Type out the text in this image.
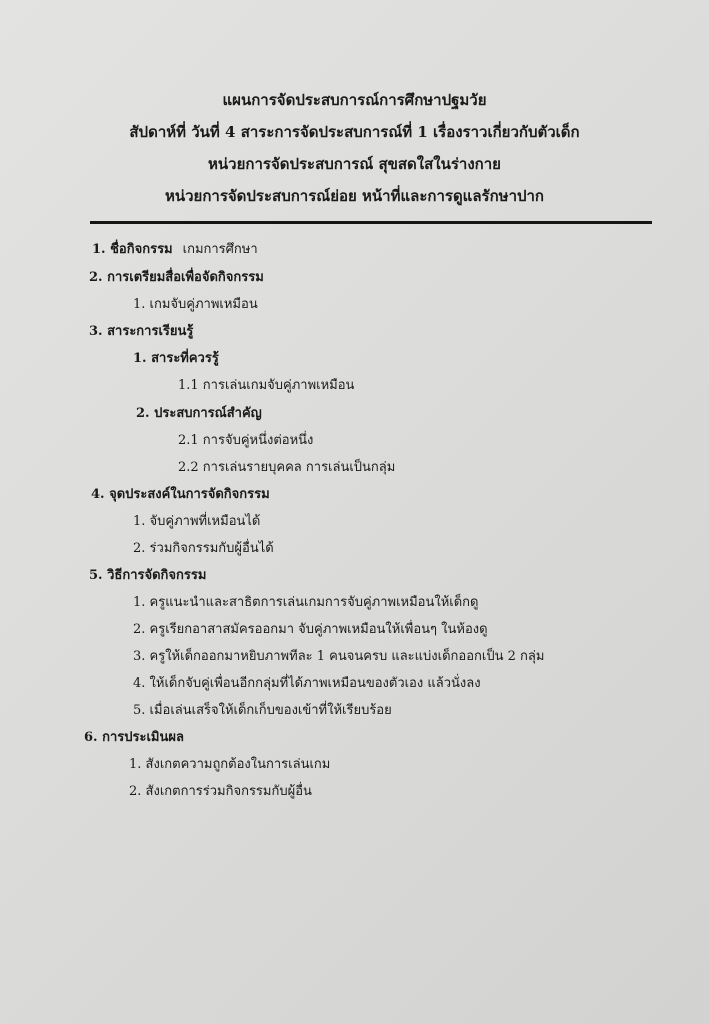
แผนการจัดประสบการณ์การศึกษาปฐมวัย
สัปดาห์ที่ วันที่ 4 สาระการจัดประสบการณ์ที่ 1 เรื่องราวเกี่ยวกับตัวเด็ก
หน่วยการจัดประสบการณ์ สุขสดใสในร่างกาย
หน่วยการจัดประสบการณ์ย่อย หน้าที่และการดูแลรักษาปาก
1. ชื่อกิจกรรม เกมการศึกษา
2. การเตรียมสื่อเพื่อจัดกิจกรรม
1. เกมจับคู่ภาพเหมือน
3. สาระการเรียนรู้
1. สาระที่ควรรู้
1.1 การเล่นเกมจับคู่ภาพเหมือน
2. ประสบการณ์สำคัญ
2.1 การจับคู่หนึ่งต่อหนึ่ง
2.2 การเล่นรายบุคคล การเล่นเป็นกลุ่ม
4. จุดประสงค์ในการจัดกิจกรรม
1. จับคู่ภาพที่เหมือนได้
2. ร่วมกิจกรรมกับผู้อื่นได้
5. วิธีการจัดกิจกรรม
1. ครูแนะนำและสาธิตการเล่นเกมการจับคู่ภาพเหมือนให้เด็กดู
2. ครูเรียกอาสาสมัครออกมา จับคู่ภาพเหมือนให้เพื่อนๆ ในห้องดู
3. ครูให้เด็กออกมาหยิบภาพทีละ 1 คนจนครบ และแบ่งเด็กออกเป็น 2 กลุ่ม
4. ให้เด็กจับคู่เพื่อนอีกกลุ่มที่ได้ภาพเหมือนของตัวเอง แล้วนั่งลง
5. เมื่อเล่นเสร็จให้เด็กเก็บของเข้าที่ให้เรียบร้อย
6. การประเมินผล
1. สังเกตความถูกต้องในการเล่นเกม
2. สังเกตการร่วมกิจกรรมกับผู้อื่น
